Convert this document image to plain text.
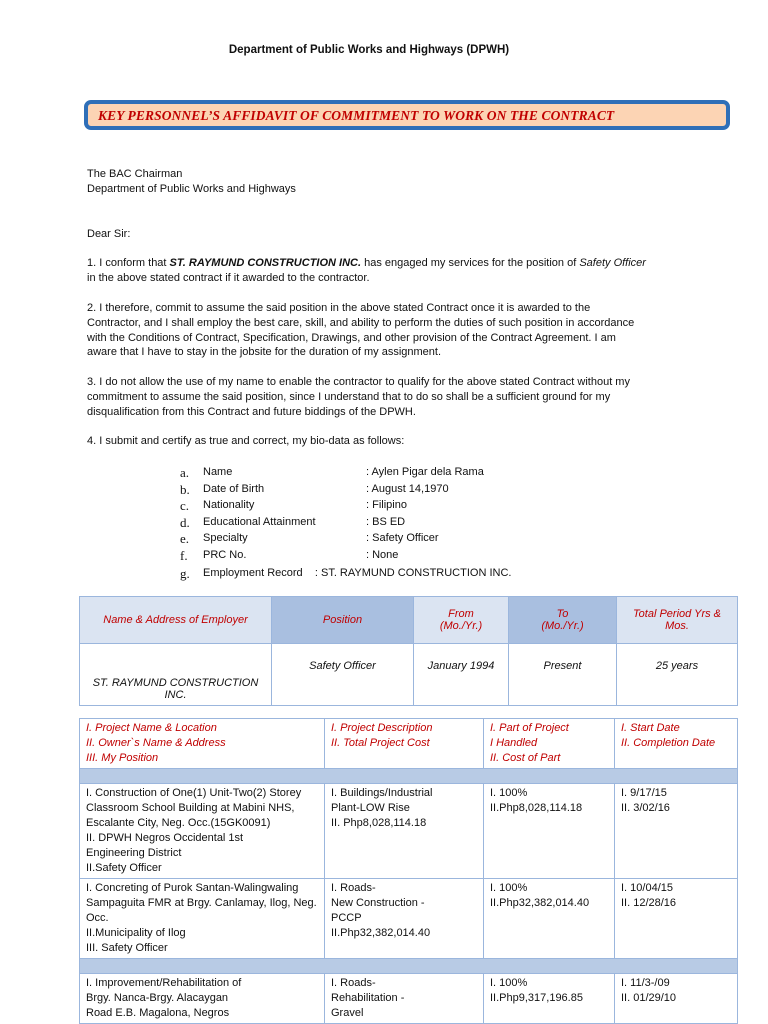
Department of Public Works and Highways (DPWH)
KEY PERSONNEL’S AFFIDAVIT OF COMMITMENT TO WORK ON THE CONTRACT
The BAC Chairman
Department of Public Works and Highways
Dear Sir:
1. I conform that ST. RAYMUND CONSTRUCTION INC. has engaged my services for the position of Safety Officer in the above stated contract if it awarded to the contractor.
2. I therefore, commit to assume the said position in the above stated Contract once it is awarded to the Contractor, and I shall employ the best care, skill, and ability to perform the duties of such position in accordance with the Conditions of Contract, Specification, Drawings, and other provision of the Contract Agreement. I am aware that I have to stay in the jobsite for the duration of my assignment.
3. I do not allow the use of my name to enable the contractor to qualify for the above stated Contract without my commitment to assume the said position, since I understand that to do so shall be a sufficient ground for my disqualification from this Contract and future biddings of the DPWH.
4. I submit and certify as true and correct, my bio-data as follows:
a.	Name	: Aylen Pigar dela Rama
b.	Date of Birth	: August 14,1970
c.	Nationality	: Filipino
d.	Educational Attainment	: BS ED
e.	Specialty	: Safety Officer
f.	PRC No.	: None
g.	Employment Record    : ST. RAYMUND CONSTRUCTION INC.
Name & Address of Employer	Position	From
(Mo./Yr.)	To
(Mo./Yr.)	Total Period Yrs & Mos.
ST. RAYMUND CONSTRUCTION
INC.	Safety Officer	January 1994	Present	25 years
I. Project Name & Location
II. Owner`s Name & Address
III. My Position	I. Project Description
II. Total Project Cost	I. Part of Project
I Handled
II. Cost of Part	I. Start Date
II. Completion Date

I. Construction of One(1) Unit-Two(2) Storey Classroom School Building at Mabini NHS, Escalante City, Neg. Occ.(15GK0091)
II. DPWH Negros Occidental 1st
Engineering District
II.Safety Officer	I. Buildings/Industrial
Plant-LOW Rise
II. Php8,028,114.18	I. 100%
II.Php8,028,114.18	I. 9/17/15
II. 3/02/16
I. Concreting of Purok Santan-Walingwaling Sampaguita FMR at Brgy. Canlamay, Ilog, Neg. Occ.
II.Municipality of Ilog
III. Safety Officer	I. Roads-
New Construction -
PCCP
II.Php32,382,014.40	I. 100%
II.Php32,382,014.40	I. 10/04/15
II. 12/28/16

I. Improvement/Rehabilitation of
Brgy. Nanca-Brgy. Alacaygan
Road E.B. Magalona, Negros	I. Roads-
Rehabilitation -
Gravel	I. 100%
II.Php9,317,196.85	I. 11/3-/09
II. 01/29/10
